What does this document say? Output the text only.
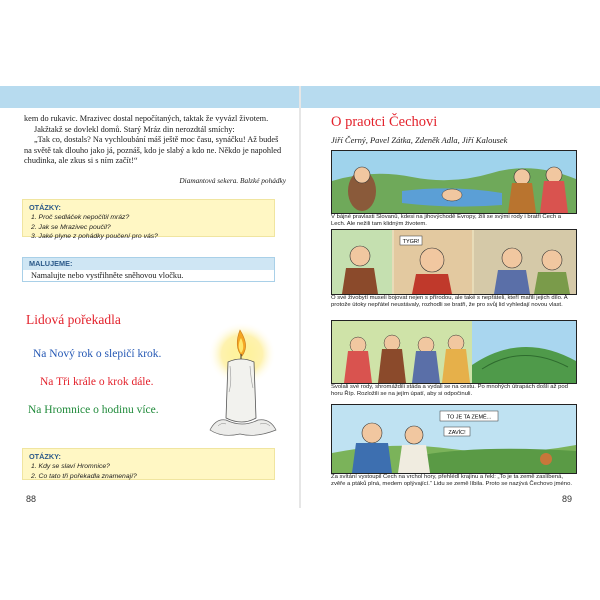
kem do rukavic. Mrazivec dostal nepočítaných, taktak že vyvázl životem.

Jakžtakž se dovlekl domů. Starý Mráz din nerozdtál smíchy:

„Tak co, dostals? Na vychloubání máš ještě moc času, synáčku! Až budeš na světě tak dlouho jako já, poznáš, kdo je slabý a kdo ne. Někdo je napohled chudinka, ale zkus si s ním začít!“

Diamantová sekera. Balzké pohádky
OTÁZKY:
1. Proč sedláček nepočítil mráz?
2. Jak se Mrazivec poučil?
3. Jaké plyne z pohádky poučení pro vás?
MALUJEME:
Namalujte nebo vystřihněte sněhovou vločku.
Lidová pořekadla
Na Nový rok o slepičí krok.
Na Tři krále o krok dále.
Na Hromnice o hodinu více.
OTÁZKY:
1. Kdy se slaví Hromnice?
2. Co tato tři pořekadla znamenají?
88
O praotci Čechovi
Jiří Černý, Pavel Zátka, Zdeněk Adla, Jiří Kalousek
V bájné pravlasti Slovanů, kdesi na jihovýchodě Evropy, žili se svými rody i bratři Čech a Lech. Ale nežili tam klidným životem.
TYGR!
O své živobytí museli bojovat nejen s přírodou, ale také s nepřáteli, kteří mařili jejich dílo. A protože útoky nepřátel neustávaly, rozhodli se bratři, že pro svůj lid vyhledají novou vlast.
Svolali své rody, shromáždili stáda a vydali se na cestu. Po mnohých útrapách došli až pod horu Říp. Rozložili se na jejím úpatí, aby si odpočinuli.
TO JE TA ZEMĚ...
ZAVÍC!
Za svítání vystoupil Čech na vrchol hory, přehlédl krajinu a řekl: „To je ta země zaslíbená, zvěře a ptáků plná, medem oplývající.“ Lidu se země líbila. Proto se nazývá Čechovo jméno.
89
